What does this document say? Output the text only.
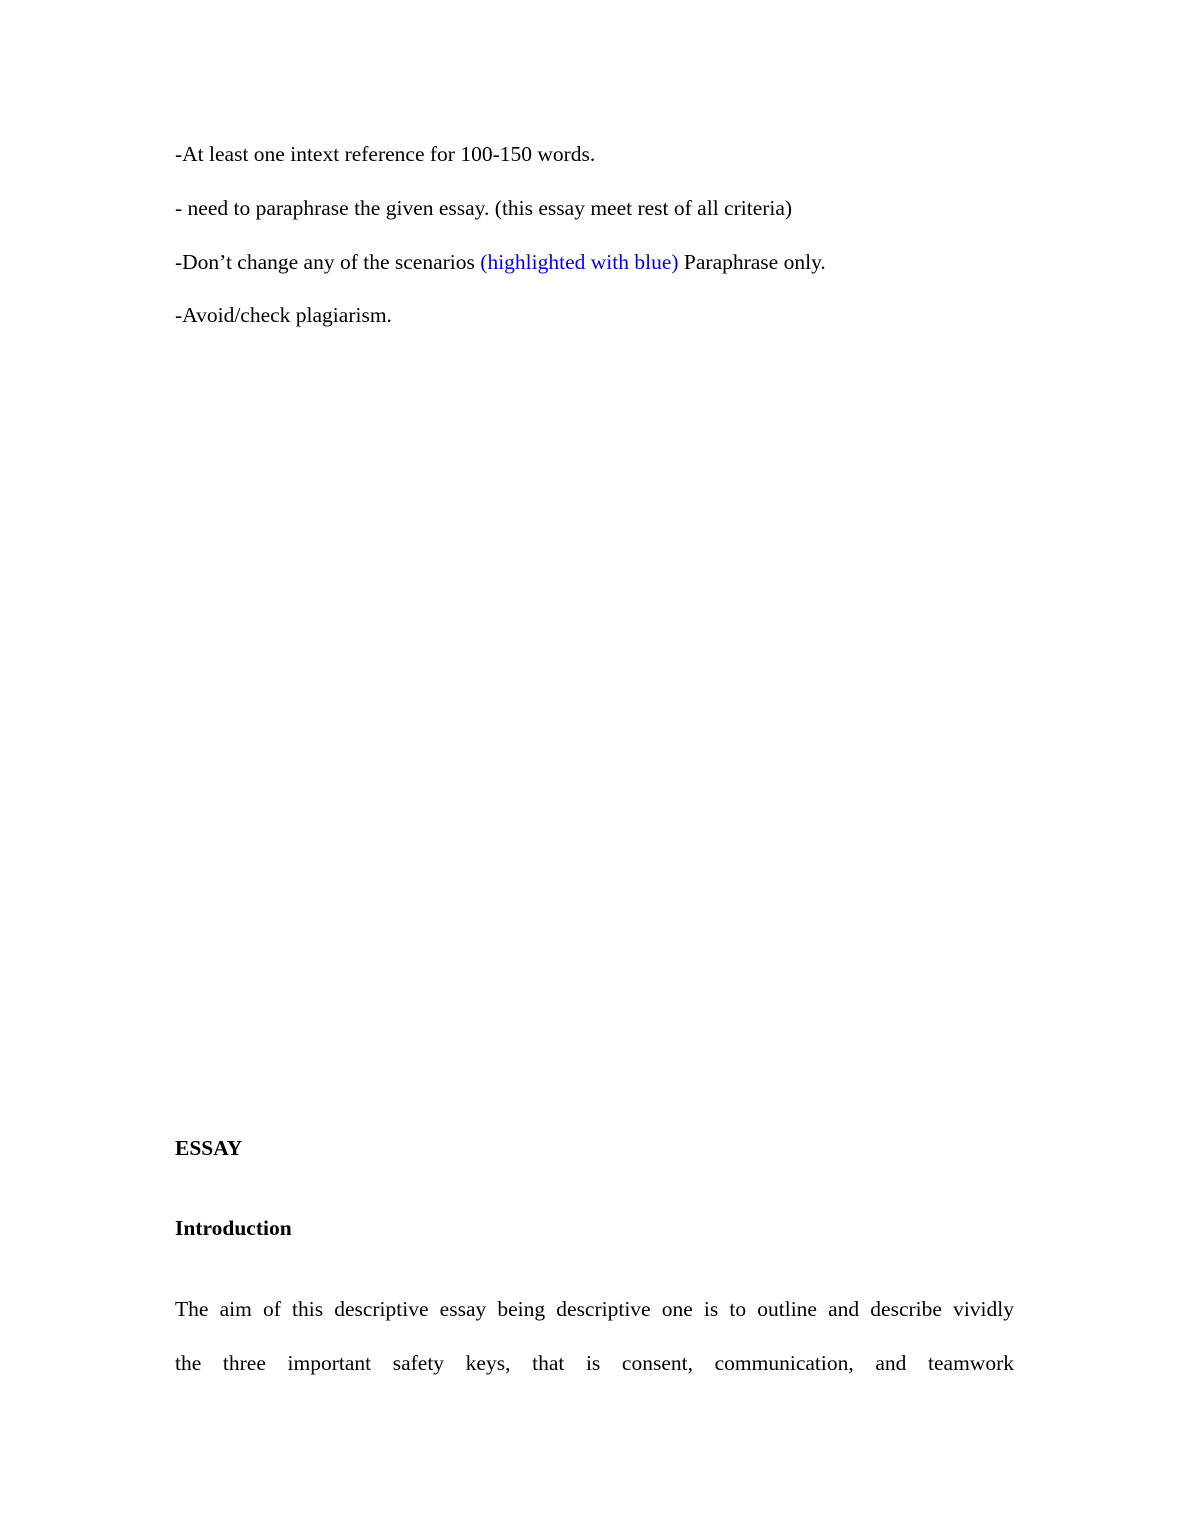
-At least one intext reference for 100-150 words.
- need to paraphrase the given essay. (this essay meet rest of all criteria)
-Don’t change any of the scenarios (highlighted with blue) Paraphrase only.
-Avoid/check plagiarism.
ESSAY
Introduction
The aim of this descriptive essay being descriptive one is to outline and describe vividly
the three important safety keys, that is consent, communication, and teamwork
